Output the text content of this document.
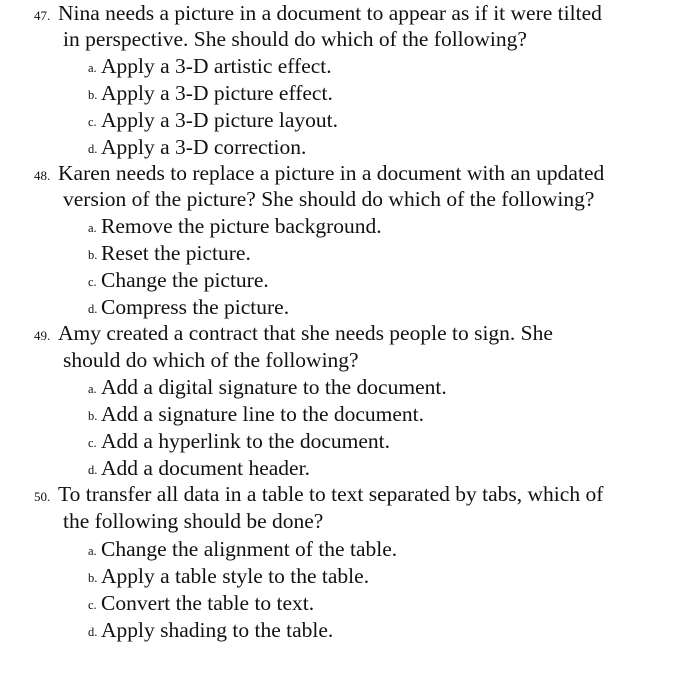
47. Nina needs a picture in a document to appear as if it were tilted
in perspective. She should do which of the following?
a. Apply a 3-D artistic effect.
b. Apply a 3-D picture effect.
c. Apply a 3-D picture layout.
d. Apply a 3-D correction.
48. Karen needs to replace a picture in a document with an updated
version of the picture? She should do which of the following?
a. Remove the picture background.
b. Reset the picture.
c. Change the picture.
d. Compress the picture.
49. Amy created a contract that she needs people to sign. She
should do which of the following?
a. Add a digital signature to the document.
b. Add a signature line to the document.
c. Add a hyperlink to the document.
d. Add a document header.
50. To transfer all data in a table to text separated by tabs, which of
the following should be done?
a. Change the alignment of the table.
b. Apply a table style to the table.
c. Convert the table to text.
d. Apply shading to the table.
